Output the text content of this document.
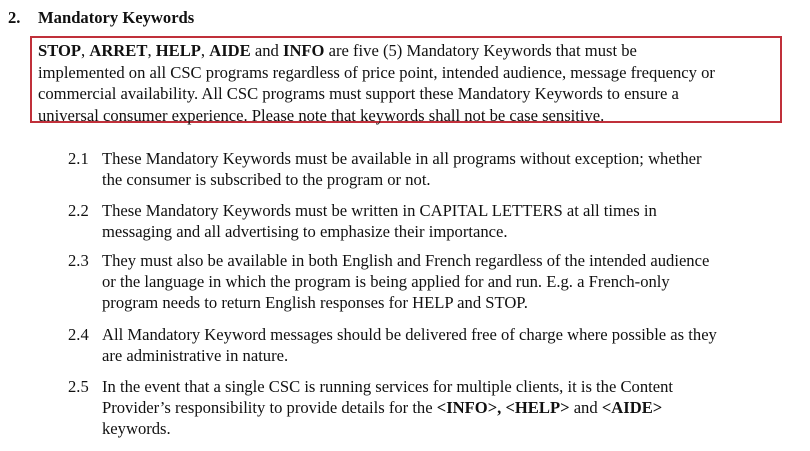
2. Mandatory Keywords
STOP, ARRET, HELP, AIDE and INFO are five (5) Mandatory Keywords that must be
implemented on all CSC programs regardless of price point, intended audience, message frequency or
commercial availability. All CSC programs must support these Mandatory Keywords to ensure a
universal consumer experience. Please note that keywords shall not be case sensitive.
2.1 These Mandatory Keywords must be available in all programs without exception; whether
the consumer is subscribed to the program or not.
2.2 These Mandatory Keywords must be written in CAPITAL LETTERS at all times in
messaging and all advertising to emphasize their importance.
2.3 They must also be available in both English and French regardless of the intended audience
or the language in which the program is being applied for and run. E.g. a French-only
program needs to return English responses for HELP and STOP.
2.4 All Mandatory Keyword messages should be delivered free of charge where possible as they
are administrative in nature.
2.5 In the event that a single CSC is running services for multiple clients, it is the Content
Provider’s responsibility to provide details for the <INFO>, <HELP> and <AIDE>
keywords.
